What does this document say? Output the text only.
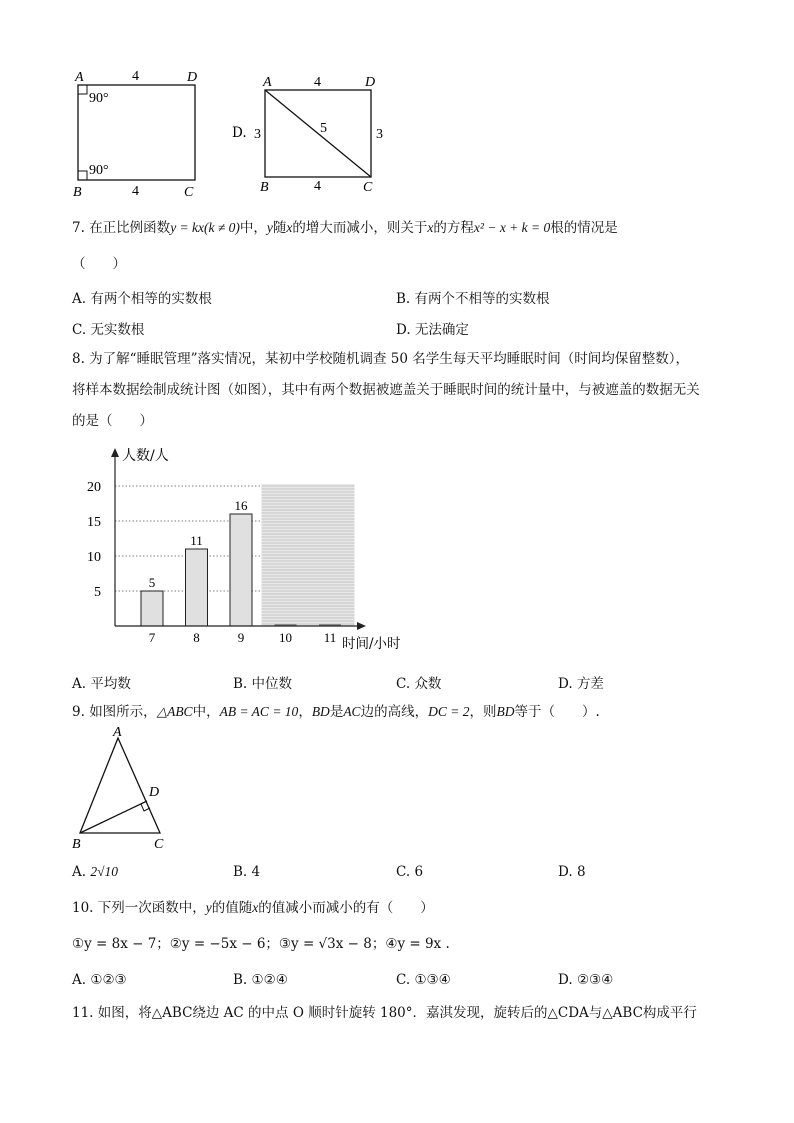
A	D
B	C
4
4
90°
90°
D.
A	D
B	C
4
4
3	3
5
7. 在正比例函数y = kx(k ≠ 0)中，y随x的增大而减小，则关于x的方程x² − x + k = 0根的情况是
（　　）
A. 有两个相等的实数根	B. 有两个不相等的实数根
C. 无实数根	D. 无法确定
8. 为了解“睡眠管理”落实情况，某初中学校随机调查 50 名学生每天平均睡眠时间（时间均保留整数），
将样本数据绘制成统计图（如图），其中有两个数据被遮盖关于睡眠时间的统计量中，与被遮盖的数据无关
的是（　　）
5
11
16
5
10
15
20
7	8	9	10 11
人数/人
时间/小时
A. 平均数	B. 中位数	C. 众数	D. 方差
9. 如图所示，△ABC中，AB = AC = 10，BD是AC边的高线，DC = 2，则BD等于（　　）.
A
D
B	C
A. 2√10	B. 4	C. 6	D. 8
10. 下列一次函数中，y的值随x的值减小而减小的有（　　）
①y = 8x − 7；②y = −5x − 6；③y = √3x − 8；④y = 9x .
A. ①②③	B. ①②④	C. ①③④	D. ②③④
11. 如图，将△ABC绕边 AC 的中点 O 顺时针旋转 180°．嘉淇发现，旋转后的△CDA与△ABC构成平行
